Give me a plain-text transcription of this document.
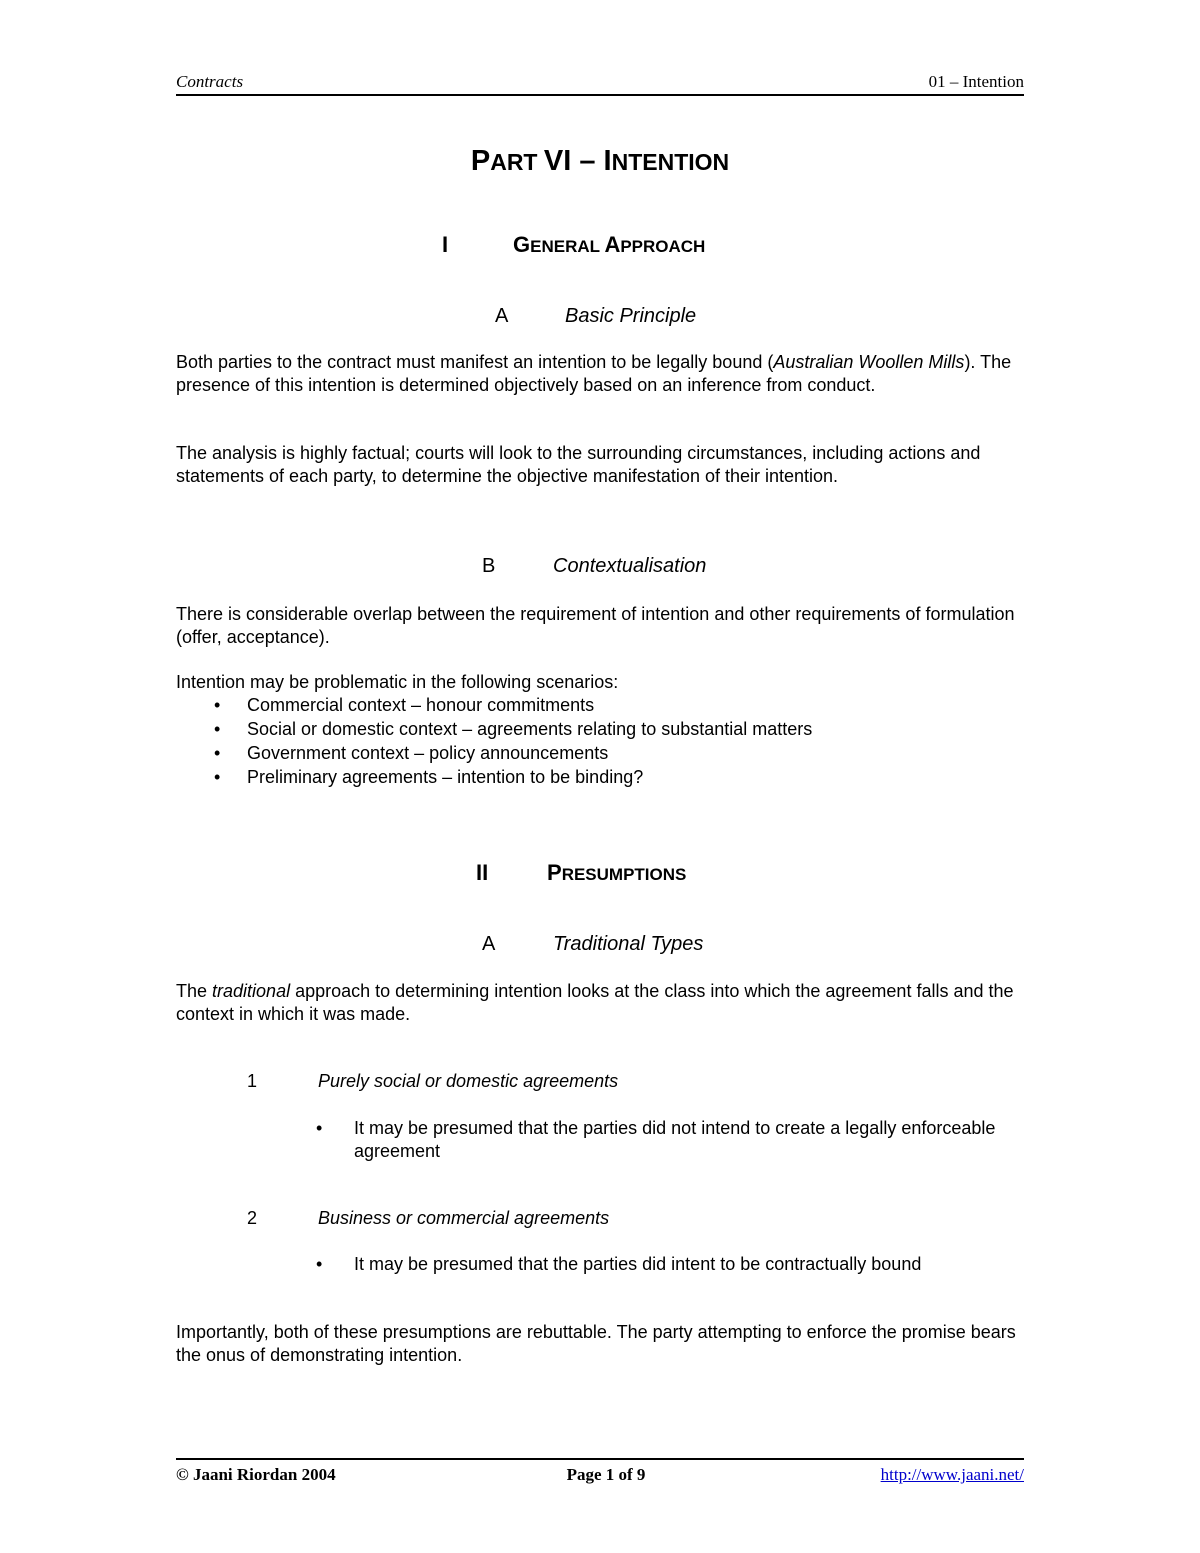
Contracts	01 – Intention
PART VI – INTENTION
I	GENERAL APPROACH
A	Basic Principle
Both parties to the contract must manifest an intention to be legally bound (Australian Woollen Mills). The presence of this intention is determined objectively based on an inference from conduct.
The analysis is highly factual; courts will look to the surrounding circumstances, including actions and statements of each party, to determine the objective manifestation of their intention.
B	Contextualisation
There is considerable overlap between the requirement of intention and other requirements of formulation (offer, acceptance).
Intention may be problematic in the following scenarios:
• Commercial context – honour commitments
• Social or domestic context – agreements relating to substantial matters
• Government context – policy announcements
• Preliminary agreements – intention to be binding?
II	PRESUMPTIONS
A	Traditional Types
The traditional approach to determining intention looks at the class into which the agreement falls and the context in which it was made.
1	Purely social or domestic agreements
• It may be presumed that the parties did not intend to create a legally enforceable agreement
2	Business or commercial agreements
• It may be presumed that the parties did intent to be contractually bound
Importantly, both of these presumptions are rebuttable. The party attempting to enforce the promise bears the onus of demonstrating intention.
© Jaani Riordan 2004	Page 1 of 9	http://www.jaani.net/
